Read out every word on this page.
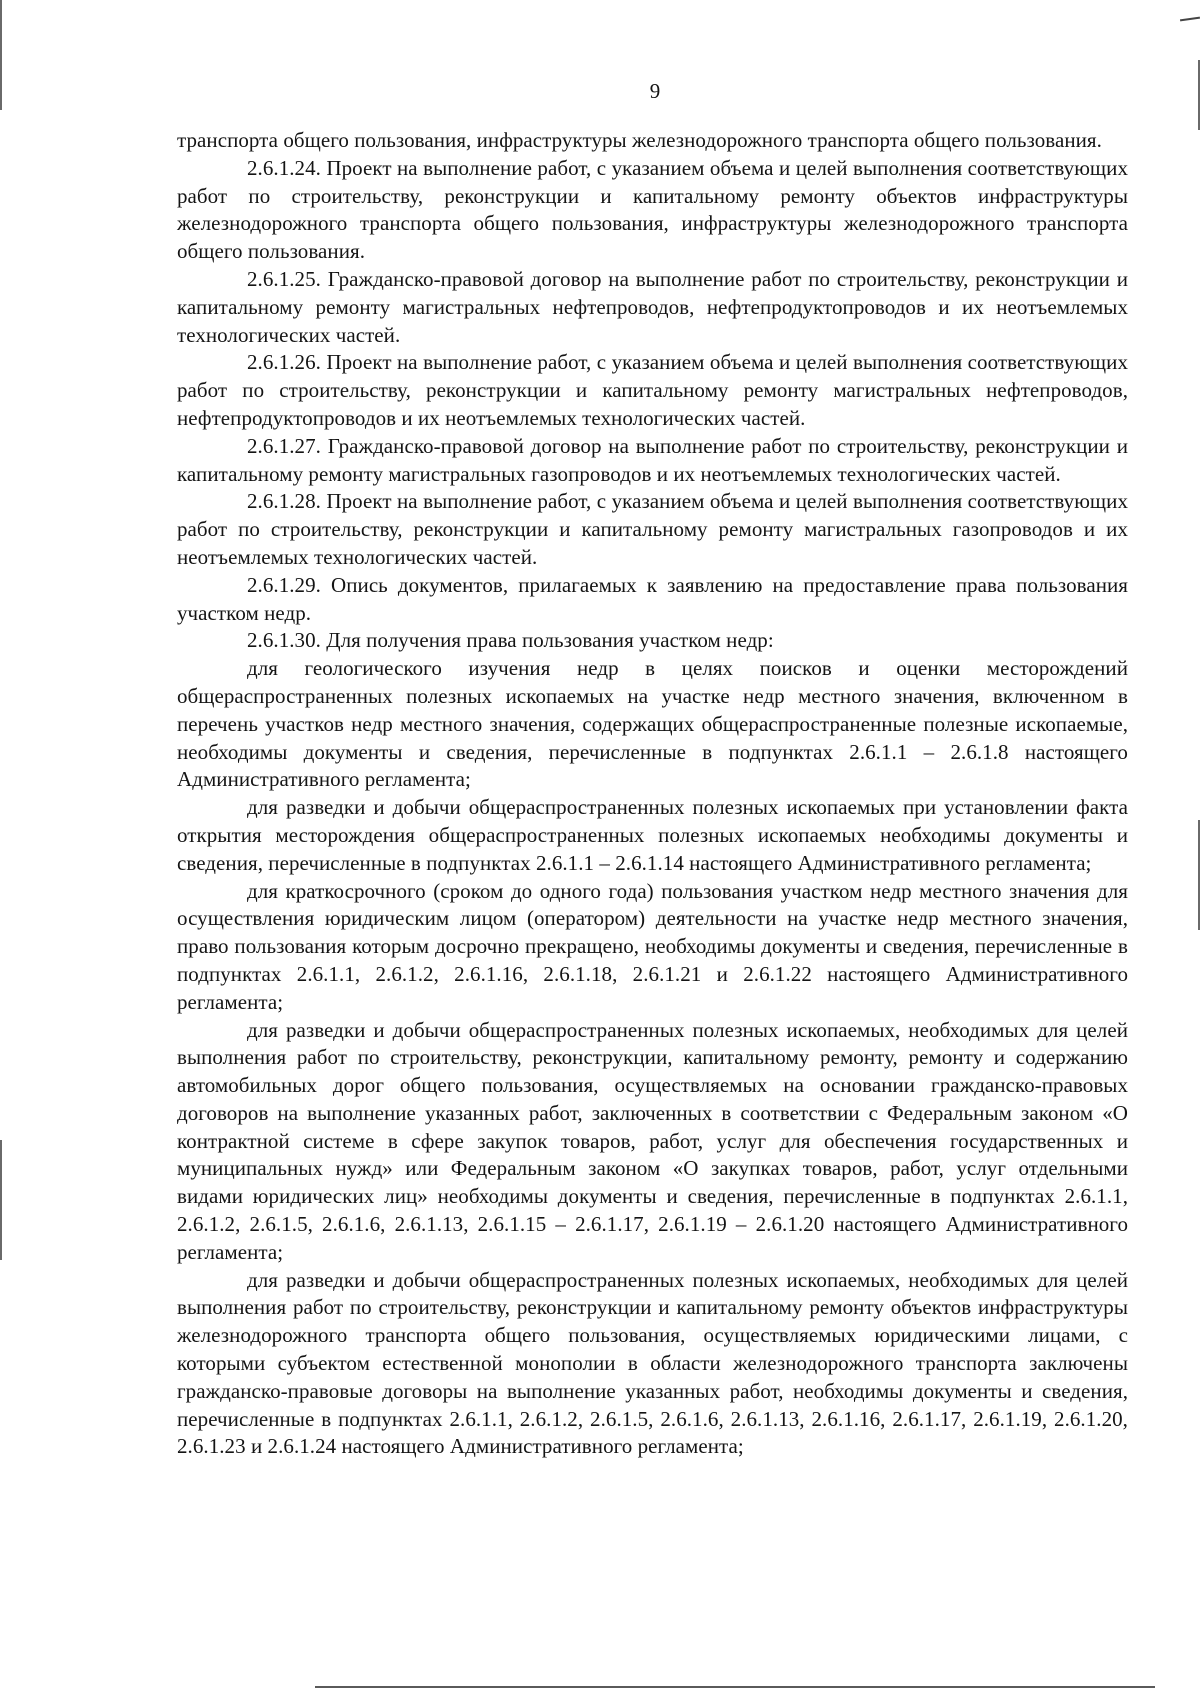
9

транспорта общего пользования, инфраструктуры железнодорожного транспорта общего пользования.

2.6.1.24. Проект на выполнение работ, с указанием объема и целей выполнения соответствующих работ по строительству, реконструкции и капитальному ремонту объектов инфраструктуры железнодорожного транспорта общего пользования, инфраструктуры железнодорожного транспорта общего пользования.

2.6.1.25. Гражданско-правовой договор на выполнение работ по строительству, реконструкции и капитальному ремонту магистральных нефтепроводов, нефтепродуктопроводов и их неотъемлемых технологических частей.

2.6.1.26. Проект на выполнение работ, с указанием объема и целей выполнения соответствующих работ по строительству, реконструкции и капитальному ремонту магистральных нефтепроводов, нефтепродуктопроводов и их неотъемлемых технологических частей.

2.6.1.27. Гражданско-правовой договор на выполнение работ по строительству, реконструкции и капитальному ремонту магистральных газопроводов и их неотъемлемых технологических частей.

2.6.1.28. Проект на выполнение работ, с указанием объема и целей выполнения соответствующих работ по строительству, реконструкции и капитальному ремонту магистральных газопроводов и их неотъемлемых технологических частей.

2.6.1.29. Опись документов, прилагаемых к заявлению на предоставление права пользования участком недр.

2.6.1.30. Для получения права пользования участком недр:

для геологического изучения недр в целях поисков и оценки месторождений общераспространенных полезных ископаемых на участке недр местного значения, включенном в перечень участков недр местного значения, содержащих общераспространенные полезные ископаемые, необходимы документы и сведения, перечисленные в подпунктах 2.6.1.1 – 2.6.1.8 настоящего Административного регламента;

для разведки и добычи общераспространенных полезных ископаемых при установлении факта открытия месторождения общераспространенных полезных ископаемых необходимы документы и сведения, перечисленные в подпунктах 2.6.1.1 – 2.6.1.14 настоящего Административного регламента;

для краткосрочного (сроком до одного года) пользования участком недр местного значения для осуществления юридическим лицом (оператором) деятельности на участке недр местного значения, право пользования которым досрочно прекращено, необходимы документы и сведения, перечисленные в подпунктах 2.6.1.1, 2.6.1.2, 2.6.1.16, 2.6.1.18, 2.6.1.21 и 2.6.1.22 настоящего Административного регламента;

для разведки и добычи общераспространенных полезных ископаемых, необходимых для целей выполнения работ по строительству, реконструкции, капитальному ремонту, ремонту и содержанию автомобильных дорог общего пользования, осуществляемых на основании гражданско-правовых договоров на выполнение указанных работ, заключенных в соответствии с Федеральным законом «О контрактной системе в сфере закупок товаров, работ, услуг для обеспечения государственных и муниципальных нужд» или Федеральным законом «О закупках товаров, работ, услуг отдельными видами юридических лиц» необходимы документы и сведения, перечисленные в подпунктах 2.6.1.1, 2.6.1.2, 2.6.1.5, 2.6.1.6, 2.6.1.13, 2.6.1.15 – 2.6.1.17, 2.6.1.19 – 2.6.1.20 настоящего Административного регламента;

для разведки и добычи общераспространенных полезных ископаемых, необходимых для целей выполнения работ по строительству, реконструкции и капитальному ремонту объектов инфраструктуры железнодорожного транспорта общего пользования, осуществляемых юридическими лицами, с которыми субъектом естественной монополии в области железнодорожного транспорта заключены гражданско-правовые договоры на выполнение указанных работ, необходимы документы и сведения, перечисленные в подпунктах 2.6.1.1, 2.6.1.2, 2.6.1.5, 2.6.1.6, 2.6.1.13, 2.6.1.16, 2.6.1.17, 2.6.1.19, 2.6.1.20, 2.6.1.23 и 2.6.1.24 настоящего Административного регламента;
